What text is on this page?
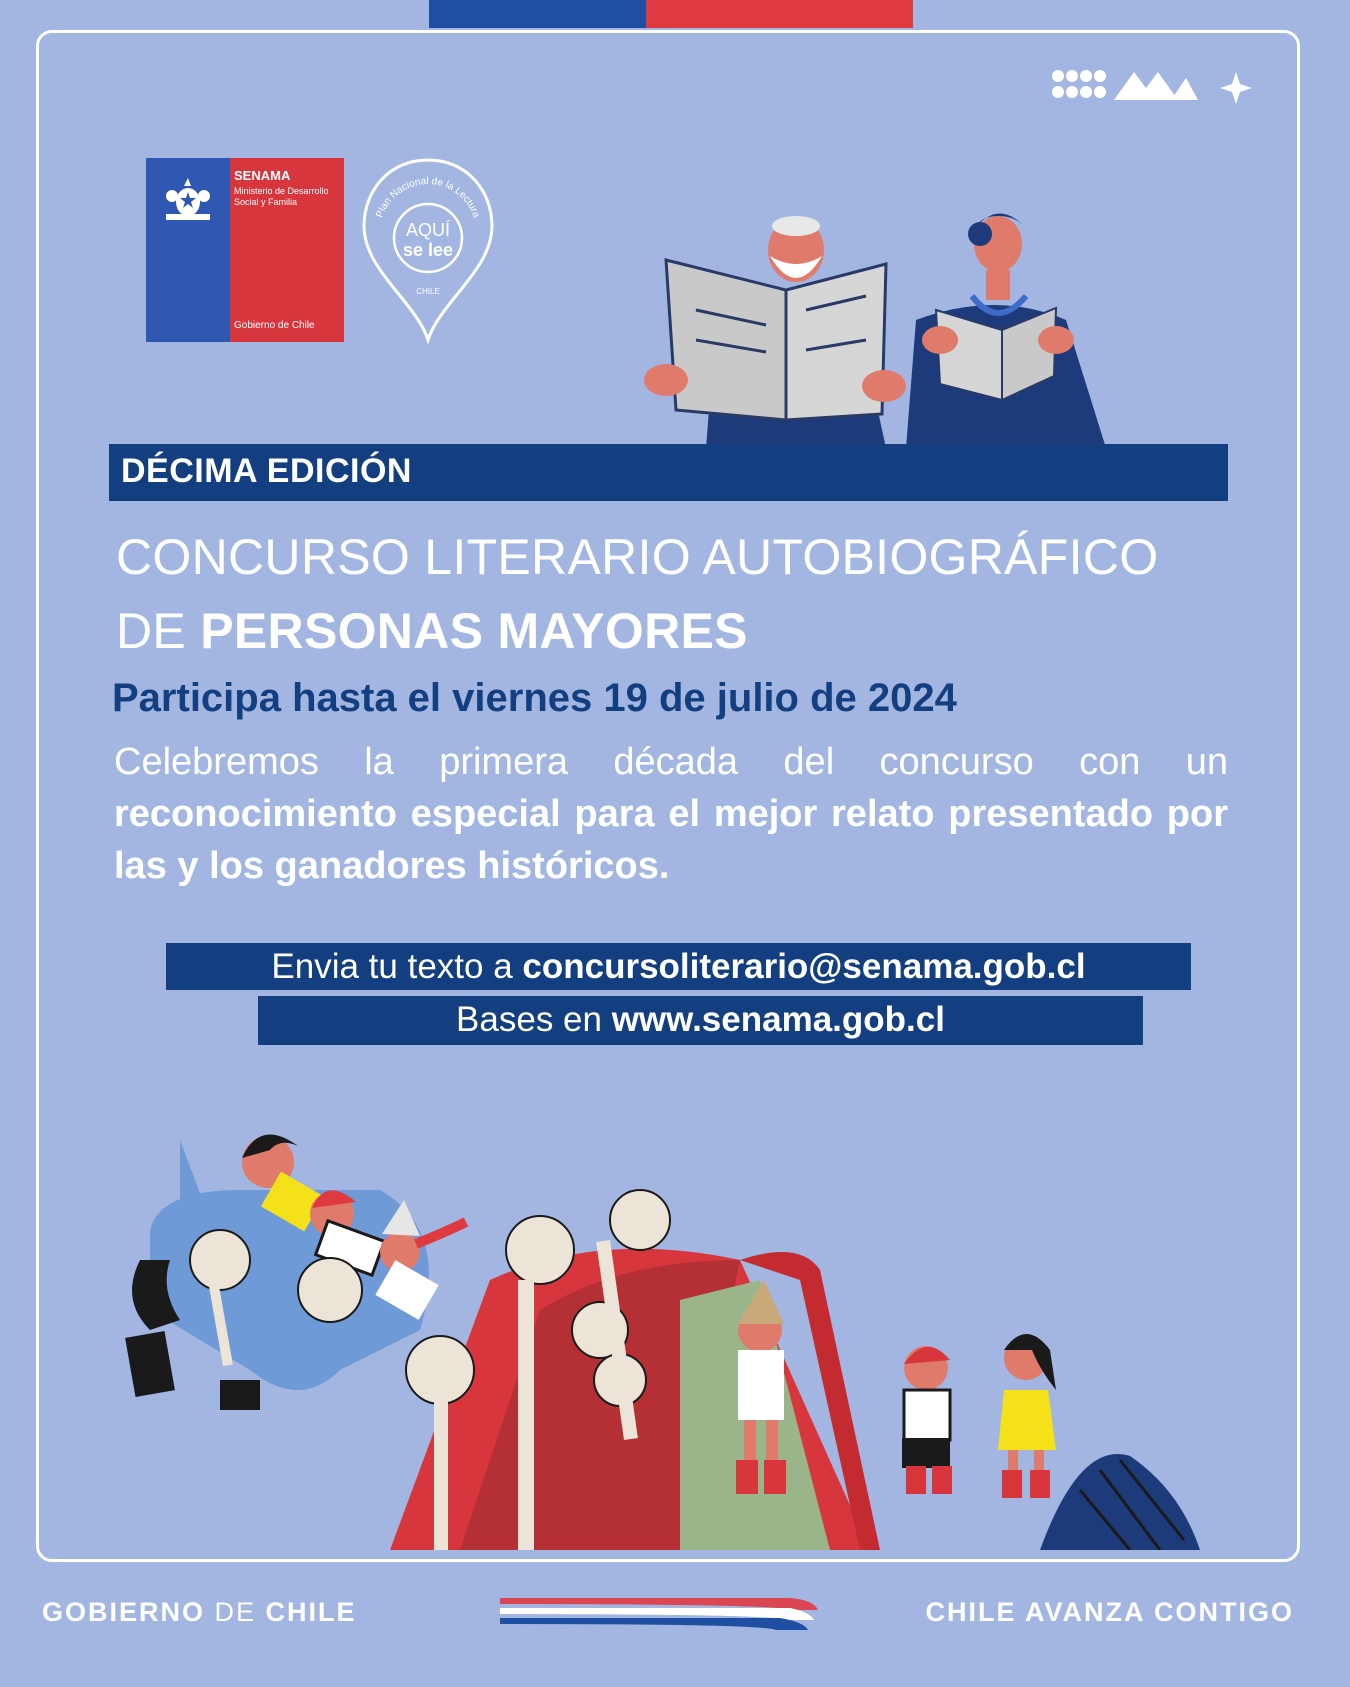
SENAMA
Ministerio de Desarrollo Social y Familia
Gobierno de Chile
Plan Nacional de la Lectura
AQUÍ
se lee
CHILE
DÉCIMA EDICIÓN
CONCURSO LITERARIO AUTOBIOGRÁFICO
DE PERSONAS MAYORES
Participa hasta el viernes 19 de julio de 2024
Celebremos la primera década del concurso con un reconocimiento especial para el mejor relato presentado por las y los ganadores históricos.
Envia tu texto a concursoliterario@senama.gob.cl
Bases en www.senama.gob.cl
GOBIERNO DE CHILE	CHILE AVANZA CONTIGO
